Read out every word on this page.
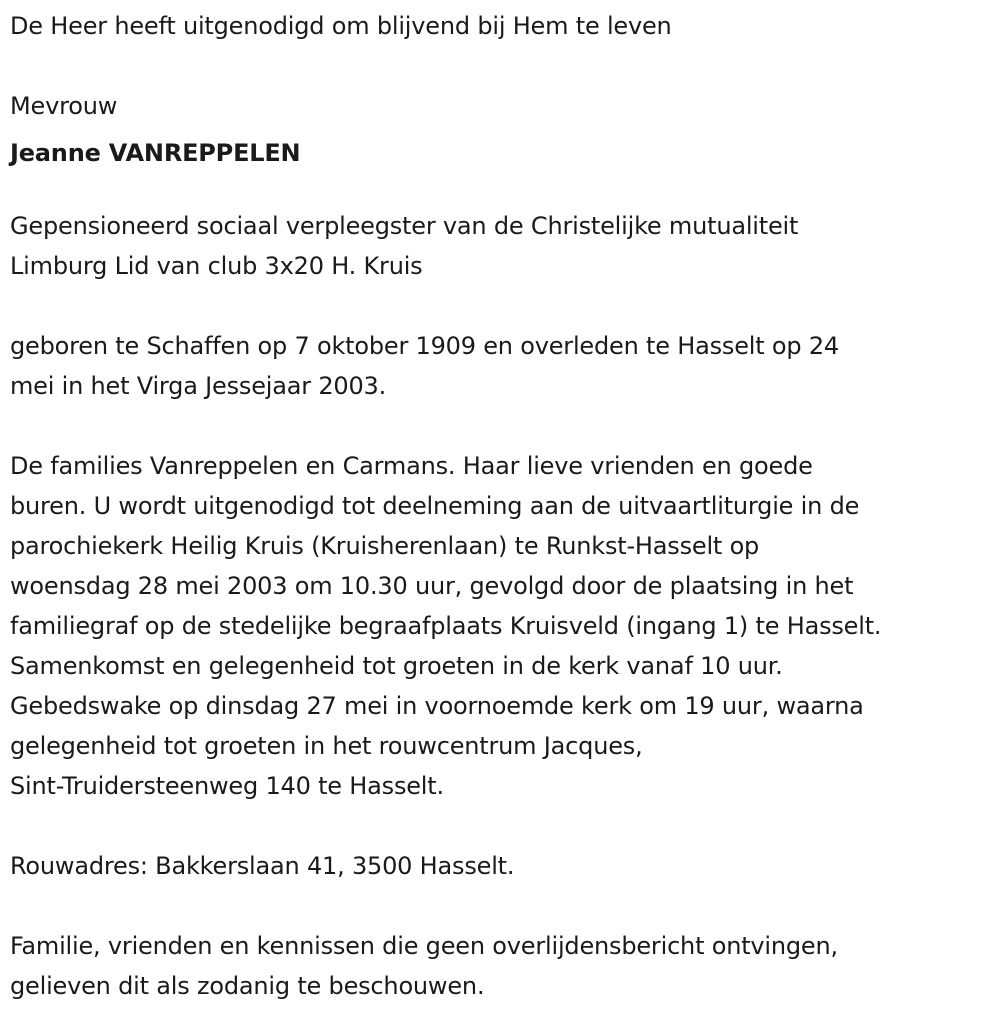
De Heer heeft uitgenodigd om blijvend bij Hem te leven

Mevrouw
Jeanne VANREPPELEN

Gepensioneerd sociaal verpleegster van de Christelijke mutualiteit
Limburg Lid van club 3x20 H. Kruis

geboren te Schaffen op 7 oktober 1909 en overleden te Hasselt op 24
mei in het Virga Jessejaar 2003.

De families Vanreppelen en Carmans. Haar lieve vrienden en goede
buren. U wordt uitgenodigd tot deelneming aan de uitvaartliturgie in de
parochiekerk Heilig Kruis (Kruisherenlaan) te Runkst-Hasselt op
woensdag 28 mei 2003 om 10.30 uur, gevolgd door de plaatsing in het
familiegraf op de stedelijke begraafplaats Kruisveld (ingang 1) te Hasselt.
Samenkomst en gelegenheid tot groeten in de kerk vanaf 10 uur.
Gebedswake op dinsdag 27 mei in voornoemde kerk om 19 uur, waarna
gelegenheid tot groeten in het rouwcentrum Jacques,
Sint-Truidersteenweg 140 te Hasselt.

Rouwadres: Bakkerslaan 41, 3500 Hasselt.

Familie, vrienden en kennissen die geen overlijdensbericht ontvingen,
gelieven dit als zodanig te beschouwen.
